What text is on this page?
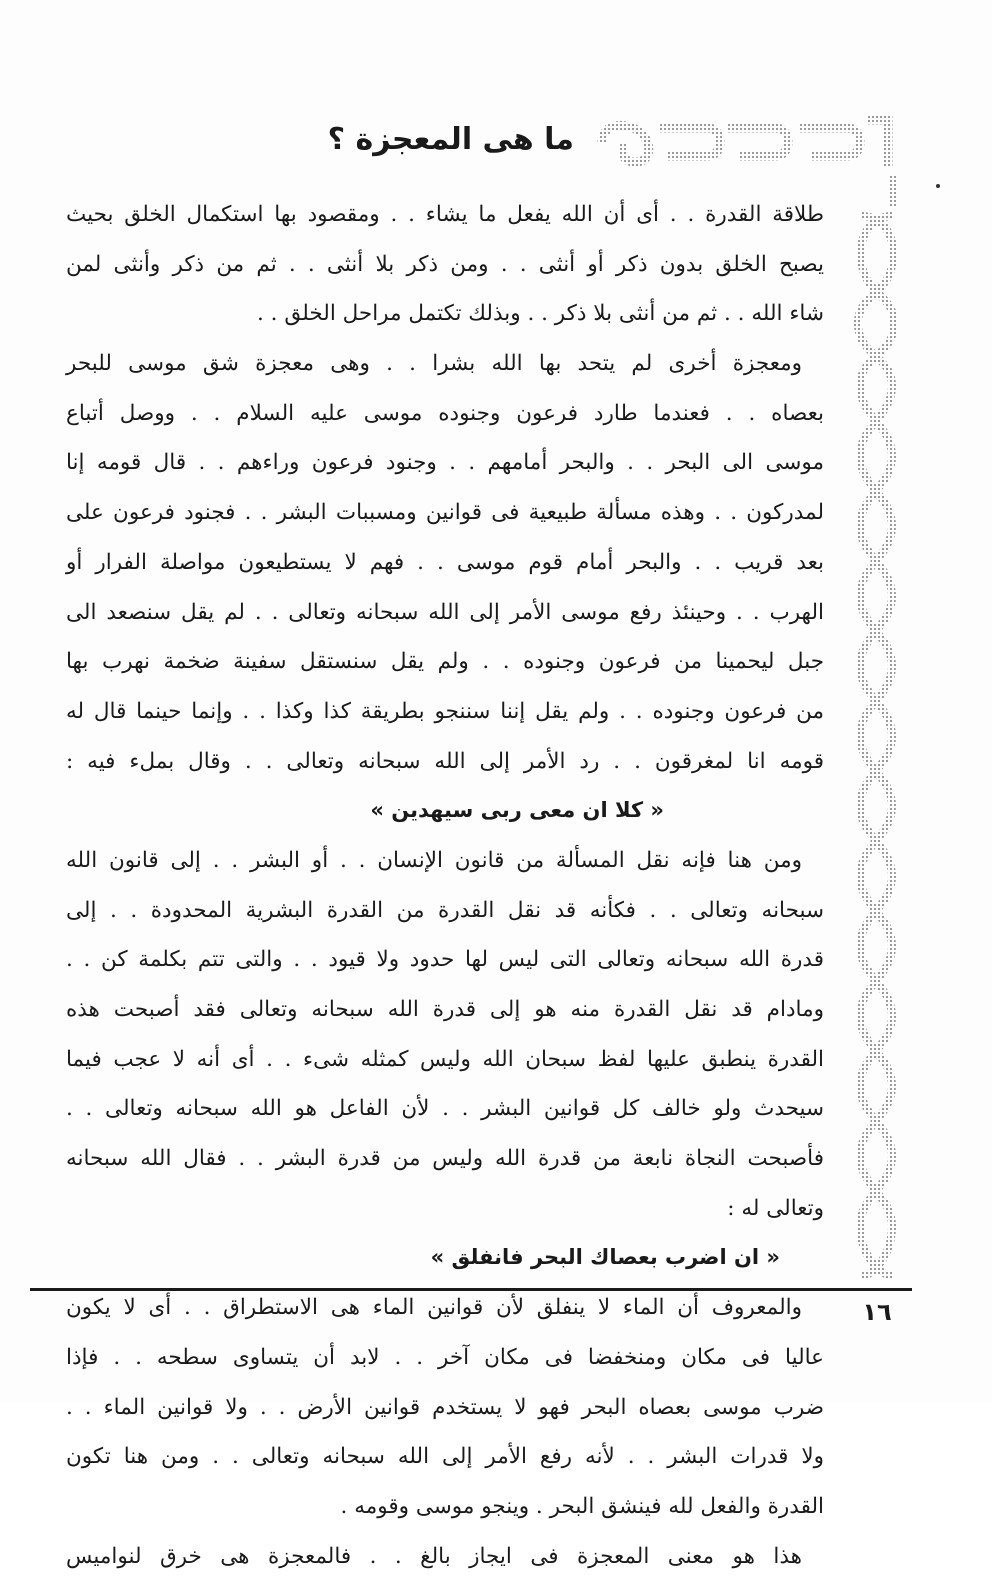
ما هى المعجزة ؟
طلاقة القدرة . . أى أن الله يفعل ما يشاء . . ومقصود بها استكمال الخلق بحيث
يصبح الخلق بدون ذكر أو أنثى . . ومن ذكر بلا أنثى . . ثم من ذكر وأنثى لمن
شاء الله . . ثم من أنثى بلا ذكر . . وبذلك تكتمل مراحل الخلق . .
ومعجزة أخرى لم يتحد بها الله بشرا . . وهى معجزة شق موسى للبحر
بعصاه . . فعندما طارد فرعون وجنوده موسى عليه السلام . . ووصل أتباع
موسى الى البحر . . والبحر أمامهم . . وجنود فرعون وراءهم . . قال قومه إنا
لمدركون . . وهذه مسألة طبيعية فى قوانين ومسببات البشر . . فجنود فرعون على
بعد قريب . . والبحر أمام قوم موسى . . فهم لا يستطيعون مواصلة الفرار أو
الهرب . . وحينئذ رفع موسى الأمر إلى الله سبحانه وتعالى . . لم يقل سنصعد الى
جبل ليحمينا من فرعون وجنوده . . ولم يقل سنستقل سفينة ضخمة نهرب بها
من فرعون وجنوده . . ولم يقل إننا سننجو بطريقة كذا وكذا . . وإنما حينما قال له
قومه انا لمغرقون . . رد الأمر إلى الله سبحانه وتعالى . . وقال بملء فيه :
« كلا ان معى ربى سيهدين »
ومن هنا فإنه نقل المسألة من قانون الإنسان . . أو البشر . . إلى قانون الله
سبحانه وتعالى . . فكأنه قد نقل القدرة من القدرة البشرية المحدودة . . إلى
قدرة الله سبحانه وتعالى التى ليس لها حدود ولا قيود . . والتى تتم بكلمة كن . .
ومادام قد نقل القدرة منه هو إلى قدرة الله سبحانه وتعالى فقد أصبحت هذه
القدرة ينطبق عليها لفظ سبحان الله وليس كمثله شىء . . أى أنه لا عجب فيما
سيحدث ولو خالف كل قوانين البشر . . لأن الفاعل هو الله سبحانه وتعالى . .
فأصبحت النجاة نابعة من قدرة الله وليس من قدرة البشر . . فقال الله سبحانه
وتعالى له :
« ان اضرب بعصاك البحر فانفلق »
والمعروف أن الماء لا ينفلق لأن قوانين الماء هى الاستطراق . . أى لا يكون
عاليا فى مكان ومنخفضا فى مكان آخر . . لابد أن يتساوى سطحه . . فإذا
ضرب موسى بعصاه البحر فهو لا يستخدم قوانين الأرض . . ولا قوانين الماء . .
ولا قدرات البشر . . لأنه رفع الأمر إلى الله سبحانه وتعالى . . ومن هنا تكون
القدرة والفعل لله فينشق البحر . وينجو موسى وقومه .
هذا هو معنى المعجزة فى ايجاز بالغ . . فالمعجزة هى خرق لنواميس
١٦
